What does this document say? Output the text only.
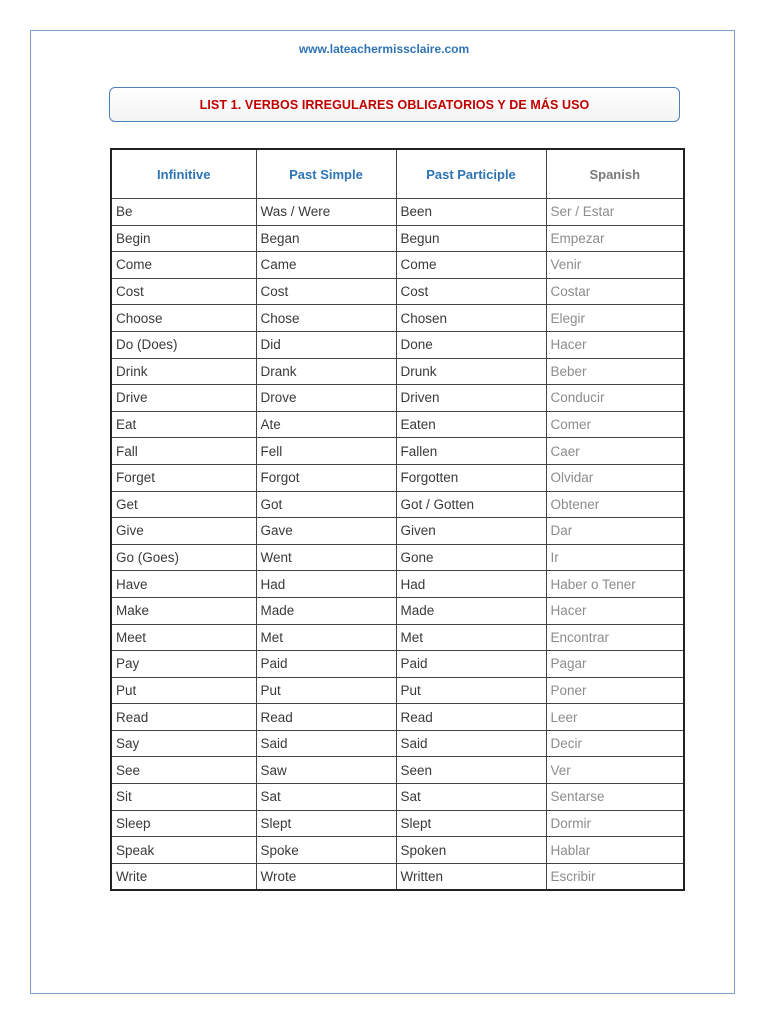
www.lateachermissclaire.com
LIST 1. VERBOS IRREGULARES OBLIGATORIOS Y DE MÁS USO
Infinitive	Past Simple	Past Participle	Spanish
Be	Was / Were	Been	Ser / Estar
Begin	Began	Begun	Empezar
Come	Came	Come	Venir
Cost	Cost	Cost	Costar
Choose	Chose	Chosen	Elegir
Do (Does)	Did	Done	Hacer
Drink	Drank	Drunk	Beber
Drive	Drove	Driven	Conducir
Eat	Ate	Eaten	Comer
Fall	Fell	Fallen	Caer
Forget	Forgot	Forgotten	Olvidar
Get	Got	Got / Gotten	Obtener
Give	Gave	Given	Dar
Go (Goes)	Went	Gone	Ir
Have	Had	Had	Haber o Tener
Make	Made	Made	Hacer
Meet	Met	Met	Encontrar
Pay	Paid	Paid	Pagar
Put	Put	Put	Poner
Read	Read	Read	Leer
Say	Said	Said	Decir
See	Saw	Seen	Ver
Sit	Sat	Sat	Sentarse
Sleep	Slept	Slept	Dormir
Speak	Spoke	Spoken	Hablar
Write	Wrote	Written	Escribir
